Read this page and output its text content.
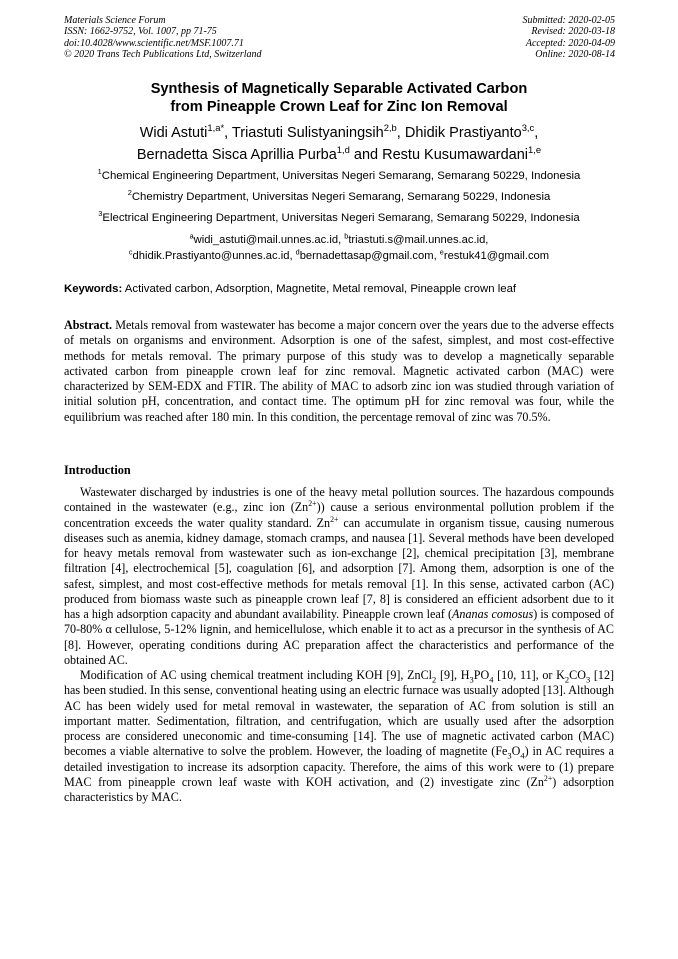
Materials Science Forum
ISSN: 1662-9752, Vol. 1007, pp 71-75
doi:10.4028/www.scientific.net/MSF.1007.71
© 2020 Trans Tech Publications Ltd, Switzerland
Submitted: 2020-02-05
Revised: 2020-03-18
Accepted: 2020-04-09
Online: 2020-08-14
Synthesis of Magnetically Separable Activated Carbon
from Pineapple Crown Leaf for Zinc Ion Removal
Widi Astuti$^{1,a*}$, Triastuti Sulistyaningsih$^{2,b}$, Dhidik Prastiyanto$^{3,c}$,
Bernadetta Sisca Aprillia Purba$^{1,d}$ and Restu Kusumawardani$^{1,e}$
$^1$Chemical Engineering Department, Universitas Negeri Semarang, Semarang 50229, Indonesia
$^2$Chemistry Department, Universitas Negeri Semarang, Semarang 50229, Indonesia
$^3$Electrical Engineering Department, Universitas Negeri Semarang, Semarang 50229, Indonesia
$^a$widi_astuti@mail.unnes.ac.id, $^b$triastuti.s@mail.unnes.ac.id,
$^c$dhidik.Prastiyanto@unnes.ac.id, $^d$bernadettasap@gmail.com, $^e$restuk41@gmail.com
Keywords: Activated carbon, Adsorption, Magnetite, Metal removal, Pineapple crown leaf
Abstract. Metals removal from wastewater has become a major concern over the years due to the adverse effects of metals on organisms and environment. Adsorption is one of the safest, simplest, and most cost-effective methods for metals removal. The primary purpose of this study was to develop a magnetically separable activated carbon from pineapple crown leaf for zinc removal. Magnetic activated carbon (MAC) were characterized by SEM-EDX and FTIR. The ability of MAC to adsorb zinc ion was studied through variation of initial solution pH, concentration, and contact time. The optimum pH for zinc removal was four, while the equilibrium was reached after 180 min. In this condition, the percentage removal of zinc was 70.5%.
Introduction

Wastewater discharged by industries is one of the heavy metal pollution sources. The hazardous compounds contained in the wastewater (e.g., zinc ion $(Zn^{2+})$) cause a serious environmental pollution problem if the concentration exceeds the water quality standard. $Zn^{2+}$ can accumulate in organism tissue, causing numerous diseases such as anemia, kidney damage, stomach cramps, and nausea [1]. Several methods have been developed for heavy metals removal from wastewater such as ion-exchange [2], chemical precipitation [3], membrane filtration [4], electrochemical [5], coagulation [6], and adsorption [7]. Among them, adsorption is one of the safest, simplest, and most cost-effective methods for metals removal [1]. In this sense, activated carbon (AC) produced from biomass waste such as pineapple crown leaf [7, 8] is considered an efficient adsorbent due to it has a high adsorption capacity and abundant availability. Pineapple crown leaf (Ananas comosus) is composed of 70-80% α cellulose, 5-12% lignin, and hemicellulose, which enable it to act as a precursor in the synthesis of AC [8]. However, operating conditions during AC preparation affect the characteristics and performance of the obtained AC.

Modification of AC using chemical treatment including KOH [9], ZnCl$_2$ [9], $H_3PO_4$ [10, 11], or $K_2CO_3$ [12] has been studied. In this sense, conventional heating using an electric furnace was usually adopted [13]. Although AC has been widely used for metal removal in wastewater, the separation of AC from solution is still an important matter. Sedimentation, filtration, and centrifugation, which are usually used after the adsorption process are considered uneconomic and time-consuming [14]. The use of magnetic activated carbon (MAC) becomes a viable alternative to solve the problem. However, the loading of magnetite $(Fe_3O_4)$ in AC requires a detailed investigation to increase its adsorption capacity. Therefore, the aims of this work were to (1) prepare MAC from pineapple crown leaf waste with KOH activation, and (2) investigate zinc $(Zn^{2+})$ adsorption characteristics by MAC.
